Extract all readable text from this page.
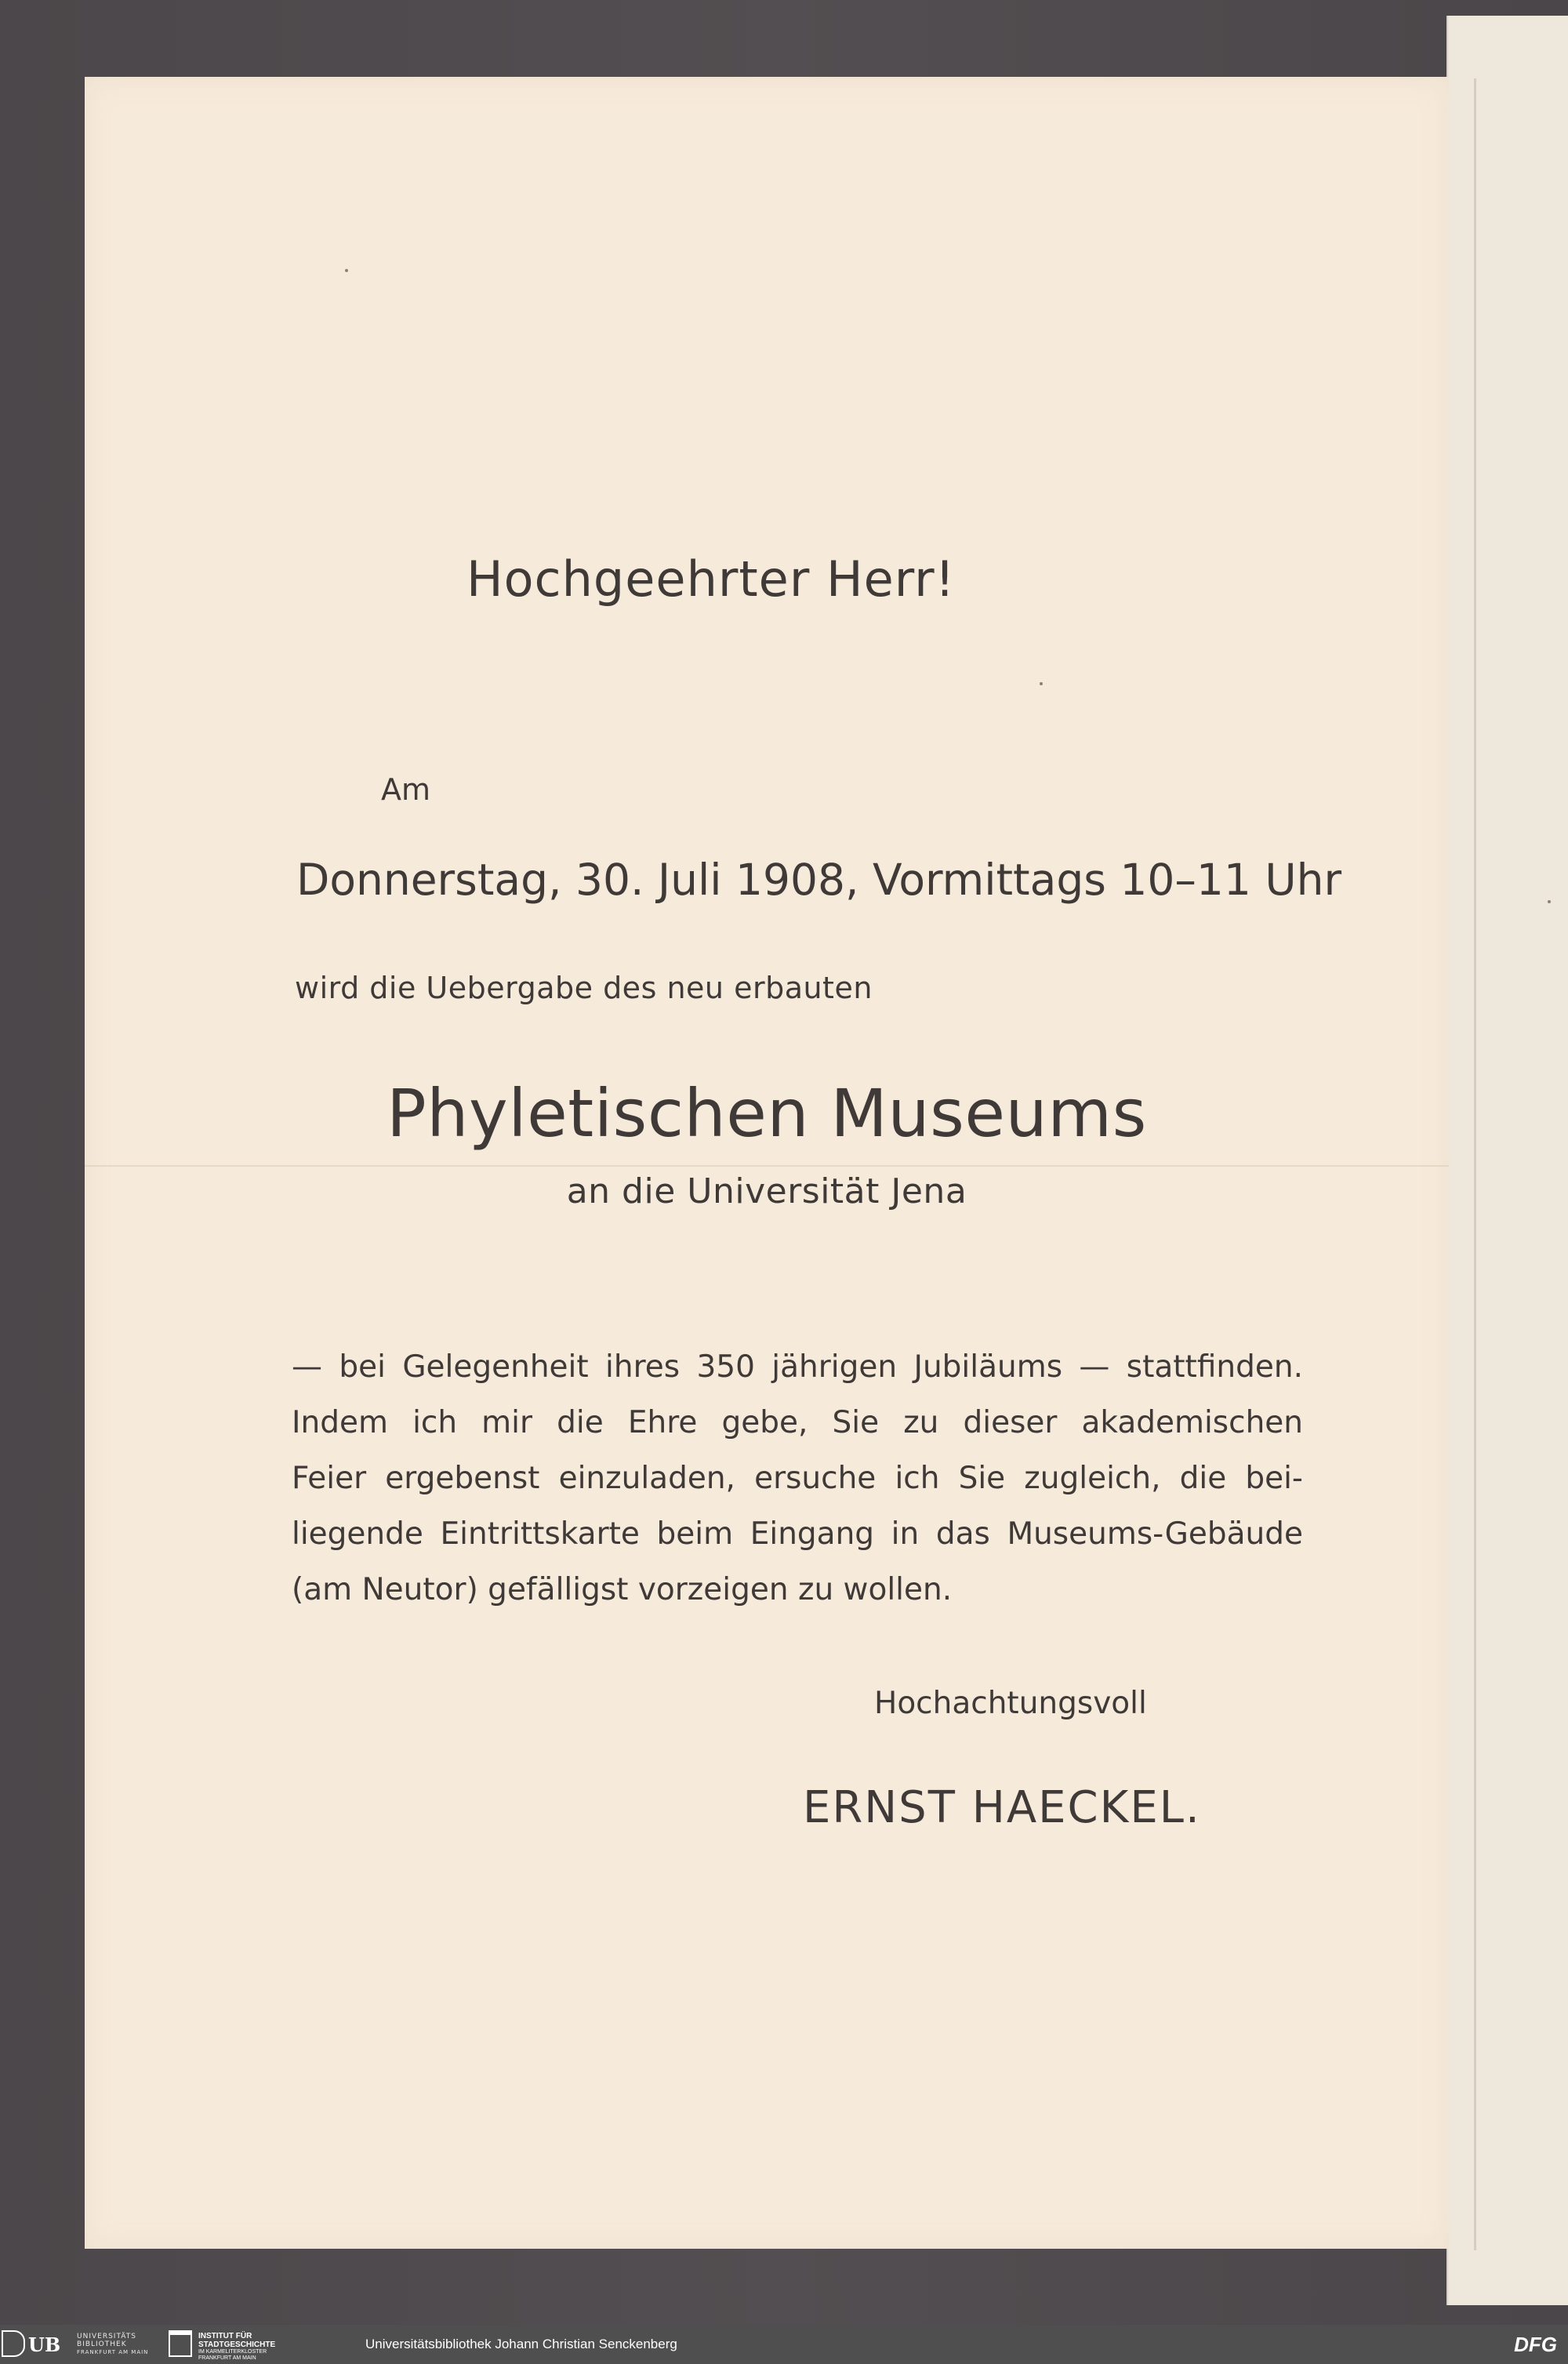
Hochgeehrter Herr!

Am

Donnerstag, 30. Juli 1908, Vormittags 10–11 Uhr

wird die Uebergabe des neu erbauten

Phyletischen Museums

an die Universität Jena

— bei Gelegenheit ihres 350 jährigen Jubiläums — stattfinden.
Indem ich mir die Ehre gebe, Sie zu dieser akademischen
Feier ergebenst einzuladen, ersuche ich Sie zugleich, die bei-
liegende Eintrittskarte beim Eingang in das Museums-Gebäude
(am Neutor) gefälligst vorzeigen zu wollen.

Hochachtungsvoll

ERNST HAECKEL.

UB UNIVERSITÄTS
BIBLIOTHEK
FRANKFURT AM MAIN
INSTITUT FÜR
STADTGESCHICHTE
IM KARMELITERKLOSTER
FRANKFURT AM MAIN
Universitätsbibliothek Johann Christian Senckenberg	DFG
